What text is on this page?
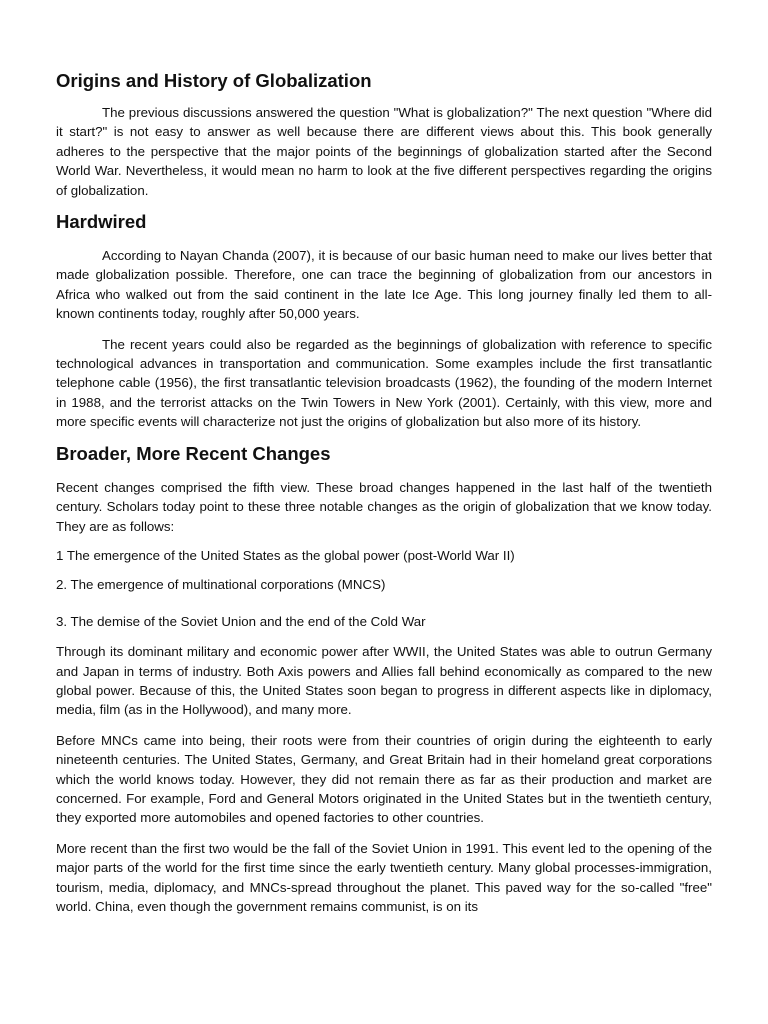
Origins and History of Globalization

The previous discussions answered the question "What is globalization?" The next question "Where did it start?" is not easy to answer as well because there are different views about this. This book generally adheres to the perspective that the major points of the beginnings of globalization started after the Second World War. Nevertheless, it would mean no harm to look at the five different perspectives regarding the origins of globalization.

Hardwired

According to Nayan Chanda (2007), it is because of our basic human need to make our lives better that made globalization possible. Therefore, one can trace the beginning of globalization from our ancestors in Africa who walked out from the said continent in the late Ice Age. This long journey finally led them to all- known continents today, roughly after 50,000 years.

The recent years could also be regarded as the beginnings of globalization with reference to specific technological advances in transportation and communication. Some examples include the first transatlantic telephone cable (1956), the first transatlantic television broadcasts (1962), the founding of the modern Internet in 1988, and the terrorist attacks on the Twin Towers in New York (2001). Certainly, with this view, more and more specific events will characterize not just the origins of globalization but also more of its history.

Broader, More Recent Changes

Recent changes comprised the fifth view. These broad changes happened in the last half of the twentieth century. Scholars today point to these three notable changes as the origin of globalization that we know today. They are as follows:

1 The emergence of the United States as the global power (post-World War II)

2. The emergence of multinational corporations (MNCS)

3. The demise of the Soviet Union and the end of the Cold War

Through its dominant military and economic power after WWII, the United States was able to outrun Germany and Japan in terms of industry. Both Axis powers and Allies fall behind economically as compared to the new global power. Because of this, the United States soon began to progress in different aspects like in diplomacy, media, film (as in the Hollywood), and many more.

Before MNCs came into being, their roots were from their countries of origin during the eighteenth to early nineteenth centuries. The United States, Germany, and Great Britain had in their homeland great corporations which the world knows today. However, they did not remain there as far as their production and market are concerned. For example, Ford and General Motors originated in the United States but in the twentieth century, they exported more automobiles and opened factories to other countries.

More recent than the first two would be the fall of the Soviet Union in 1991. This event led to the opening of the major parts of the world for the first time since the early twentieth century. Many global processes-immigration, tourism, media, diplomacy, and MNCs-spread throughout the planet. This paved way for the so-called "free" world. China, even though the government remains communist, is on its
